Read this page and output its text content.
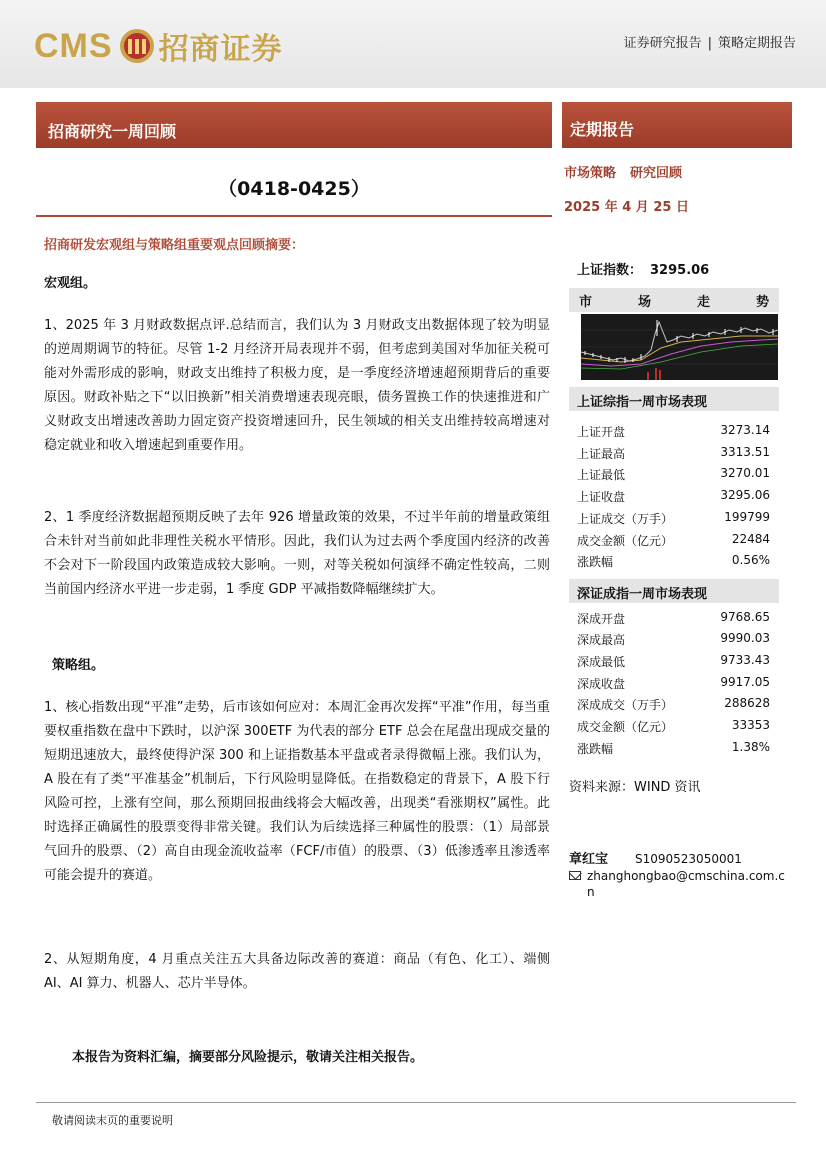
CMS 招商证券	证券研究报告 | 策略定期报告
招商研究一周回顾	定期报告
（0418-0425）
招商研发宏观组与策略组重要观点回顾摘要：
宏观组。

1、2025 年 3 月财政数据点评.总结而言，我们认为 3 月财政支出数据体现了较为明显的逆周期调节的特征。尽管 1-2 月经济开局表现并不弱，但考虑到美国对华加征关税可能对外需形成的影响，财政支出维持了积极力度，是一季度经济增速超预期背后的重要原因。财政补贴之下“以旧换新”相关消费增速表现亮眼，债务置换工作的快速推进和广义财政支出增速改善助力固定资产投资增速回升，民生领域的相关支出维持较高增速对稳定就业和收入增速起到重要作用。

2、1 季度经济数据超预期反映了去年 926 增量政策的效果，不过半年前的增量政策组合未针对当前如此非理性关税水平情形。因此，我们认为过去两个季度国内经济的改善不会对下一阶段国内政策造成较大影响。一则，对等关税如何演绎不确定性较高，二则当前国内经济水平进一步走弱，1 季度 GDP 平减指数降幅继续扩大。

策略组。

1、核心指数出现“平准”走势，后市该如何应对：本周汇金再次发挥“平准”作用，每当重要权重指数在盘中下跌时，以沪深 300ETF 为代表的部分 ETF 总会在尾盘出现成交量的短期迅速放大，最终使得沪深 300 和上证指数基本平盘或者录得微幅上涨。我们认为，A 股在有了类“平准基金”机制后，下行风险明显降低。在指数稳定的背景下，A 股下行风险可控，上涨有空间，那么预期回报曲线将会大幅改善，出现类“看涨期权”属性。此时选择正确属性的股票变得非常关键。我们认为后续选择三种属性的股票：（1）局部景气回升的股票、（2）高自由现金流收益率（FCF/市值）的股票、（3）低渗透率且渗透率可能会提升的赛道。

2、从短期角度，4 月重点关注五大具备边际改善的赛道：商品（有色、化工）、端侧 AI、AI 算力、机器人、芯片半导体。

本报告为资料汇编，摘要部分风险提示，敬请关注相关报告。
市场策略 研究回顾
2025 年 4 月 25 日
上证指数： 3295.06
市	场	走	势
上证综指一周市场表现
上证开盘	3273.14
上证最高	3313.51
上证最低	3270.01
上证收盘	3295.06
上证成交（万手）	199799
成交金额（亿元）	22484
涨跌幅	0.56%
深证成指一周市场表现
深成开盘	9768.65
深成最高	9990.03
深成最低	9733.43
深成收盘	9917.05
深成成交（万手）	288628
成交金额（亿元）	33353
涨跌幅	1.38%
资料来源：WIND 资讯
章红宝 S1090523050001
zhanghongbao@cmschina.com.cn
敬请阅读末页的重要说明
